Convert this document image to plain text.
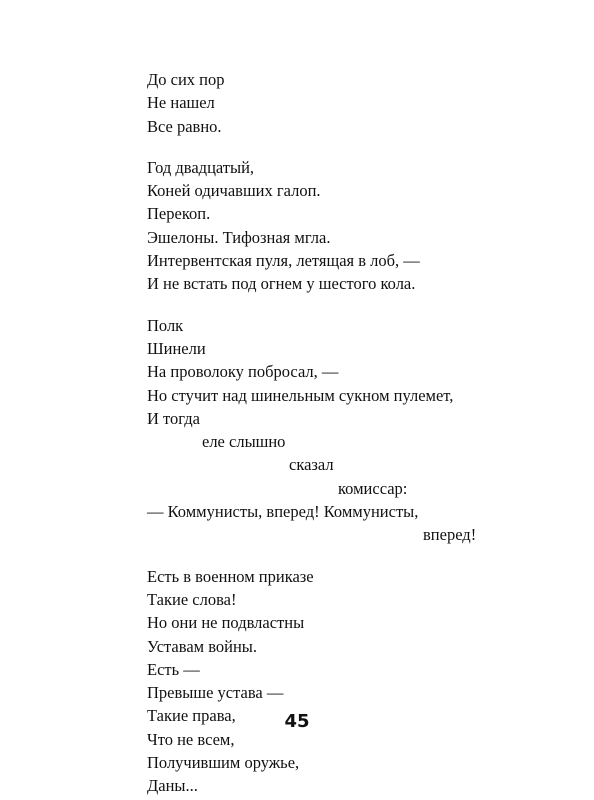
До сих пор
Не нашел
Все равно.
Год двадцатый,
Коней одичавших галоп.
Перекоп.
Эшелоны. Тифозная мгла.
Интервентская пуля, летящая в лоб, —
И не встать под огнем у шестого кола.
Полк
Шинели
На проволоку побросал, —
Но стучит над шинельным сукном пулемет,
И тогда
еле слышно
сказал
комиссар:
— Коммунисты, вперед! Коммунисты,
вперед!
Есть в военном приказе
Такие слова!
Но они не подвластны
Уставам войны.
Есть —
Превыше устава —
Такие права,
Что не всем,
Получившим оружье,
Даны...
45
